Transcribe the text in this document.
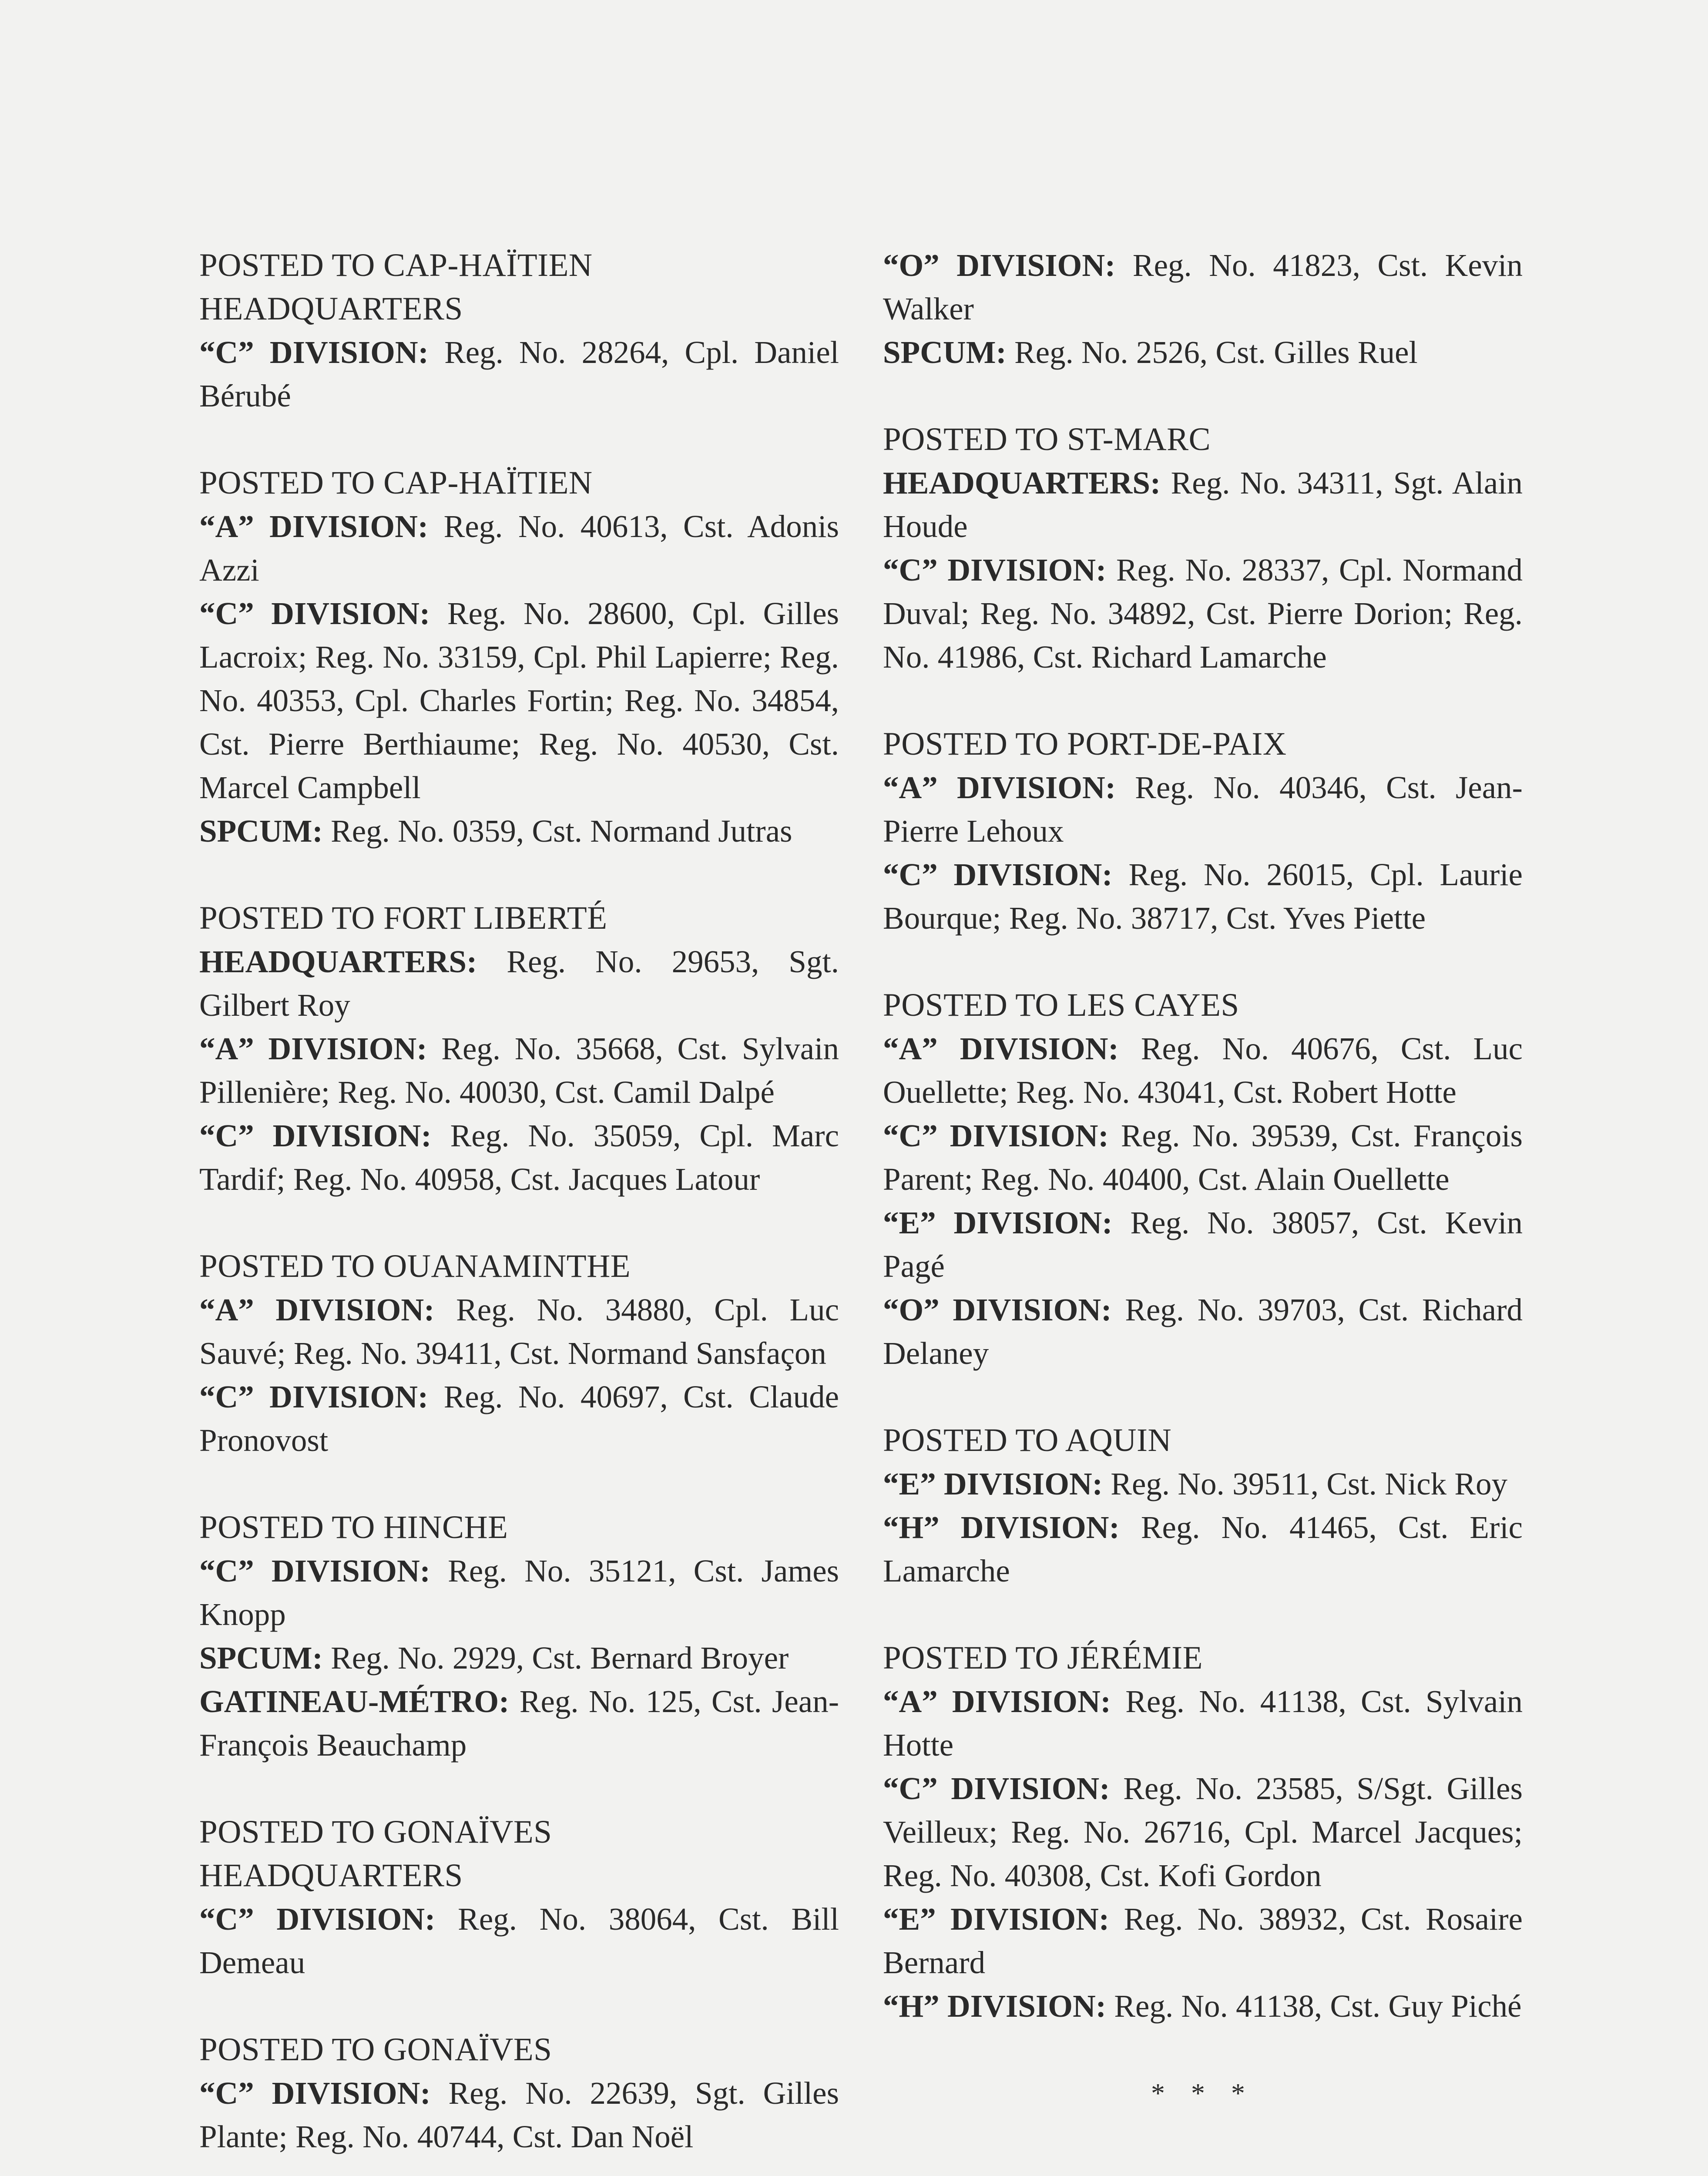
POSTED TO CAP-HAÏTIEN
HEADQUARTERS
“C” DIVISION: Reg. No. 28264, Cpl. Daniel Bérubé
POSTED TO CAP-HAÏTIEN
“A” DIVISION: Reg. No. 40613, Cst. Adonis Azzi
“C” DIVISION: Reg. No. 28600, Cpl. Gilles Lacroix; Reg. No. 33159, Cpl. Phil Lapierre; Reg. No. 40353, Cpl. Charles Fortin; Reg. No. 34854, Cst. Pierre Berthiaume; Reg. No. 40530, Cst. Marcel Campbell
SPCUM: Reg. No. 0359, Cst. Normand Jutras
POSTED TO FORT LIBERTÉ
HEADQUARTERS: Reg. No. 29653, Sgt. Gilbert Roy
“A” DIVISION: Reg. No. 35668, Cst. Sylvain Pillenière; Reg. No. 40030, Cst. Camil Dalpé
“C” DIVISION: Reg. No. 35059, Cpl. Marc Tardif; Reg. No. 40958, Cst. Jacques Latour
POSTED TO OUANAMINTHE
“A” DIVISION: Reg. No. 34880, Cpl. Luc Sauvé; Reg. No. 39411, Cst. Normand Sansfaçon
“C” DIVISION: Reg. No. 40697, Cst. Claude Pronovost
POSTED TO HINCHE
“C” DIVISION: Reg. No. 35121, Cst. James Knopp
SPCUM: Reg. No. 2929, Cst. Bernard Broyer
GATINEAU-MÉTRO: Reg. No. 125, Cst. Jean-François Beauchamp
POSTED TO GONAÏVES
HEADQUARTERS
“C” DIVISION: Reg. No. 38064, Cst. Bill Demeau
POSTED TO GONAÏVES
“C” DIVISION: Reg. No. 22639, Sgt. Gilles Plante; Reg. No. 40744, Cst. Dan Noël
“O” DIVISION: Reg. No. 41823, Cst. Kevin Walker
SPCUM: Reg. No. 2526, Cst. Gilles Ruel
POSTED TO ST-MARC
HEADQUARTERS: Reg. No. 34311, Sgt. Alain Houde
“C” DIVISION: Reg. No. 28337, Cpl. Normand Duval; Reg. No. 34892, Cst. Pierre Dorion; Reg. No. 41986, Cst. Richard Lamarche
POSTED TO PORT-DE-PAIX
“A” DIVISION: Reg. No. 40346, Cst. Jean-Pierre Lehoux
“C” DIVISION: Reg. No. 26015, Cpl. Laurie Bourque; Reg. No. 38717, Cst. Yves Piette
POSTED TO LES CAYES
“A” DIVISION: Reg. No. 40676, Cst. Luc Ouellette; Reg. No. 43041, Cst. Robert Hotte
“C” DIVISION: Reg. No. 39539, Cst. François Parent; Reg. No. 40400, Cst. Alain Ouellette
“E” DIVISION: Reg. No. 38057, Cst. Kevin Pagé
“O” DIVISION: Reg. No. 39703, Cst. Richard Delaney
POSTED TO AQUIN
“E” DIVISION: Reg. No. 39511, Cst. Nick Roy
“H” DIVISION: Reg. No. 41465, Cst. Eric Lamarche
POSTED TO JÉRÉMIE
“A” DIVISION: Reg. No. 41138, Cst. Sylvain Hotte
“C” DIVISION: Reg. No. 23585, S/Sgt. Gilles Veilleux; Reg. No. 26716, Cpl. Marcel Jacques; Reg. No. 40308, Cst. Kofi Gordon
“E” DIVISION: Reg. No. 38932, Cst. Rosaire Bernard
“H” DIVISION: Reg. No. 41138, Cst. Guy Piché
* * *
